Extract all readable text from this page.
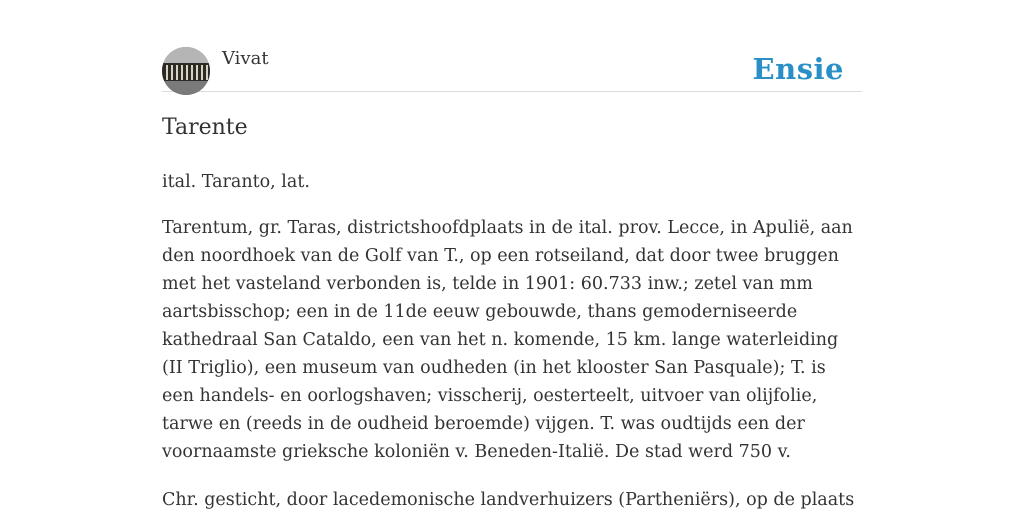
Vivat	Ensie
Tarente

ital. Taranto, lat.

Tarentum, gr. Taras, districtshoofdplaats in de ital. prov. Lecce, in Apulië, aan den noordhoek van de Golf van T., op een rotseiland, dat door twee bruggen met het vasteland verbonden is, telde in 1901: 60.733 inw.; zetel van mm aartsbisschop; een in de 11de eeuw gebouwde, thans gemoderniseerde kathedraal San Cataldo, een van het n. komende, 15 km. lange waterleiding (II Triglio), een museum van oudheden (in het klooster San Pasquale); T. is een handels- en oorlogshaven; visscherij, oesterteelt, uitvoer van olijfolie, tarwe en (reeds in de oudheid beroemde) vijgen. T. was oudtijds een der voornaamste grieksche koloniën v. Beneden-Italië. De stad werd 750 v.

Chr. gesticht, door lacedemonische landverhuizers (Partheniërs), op de plaats
